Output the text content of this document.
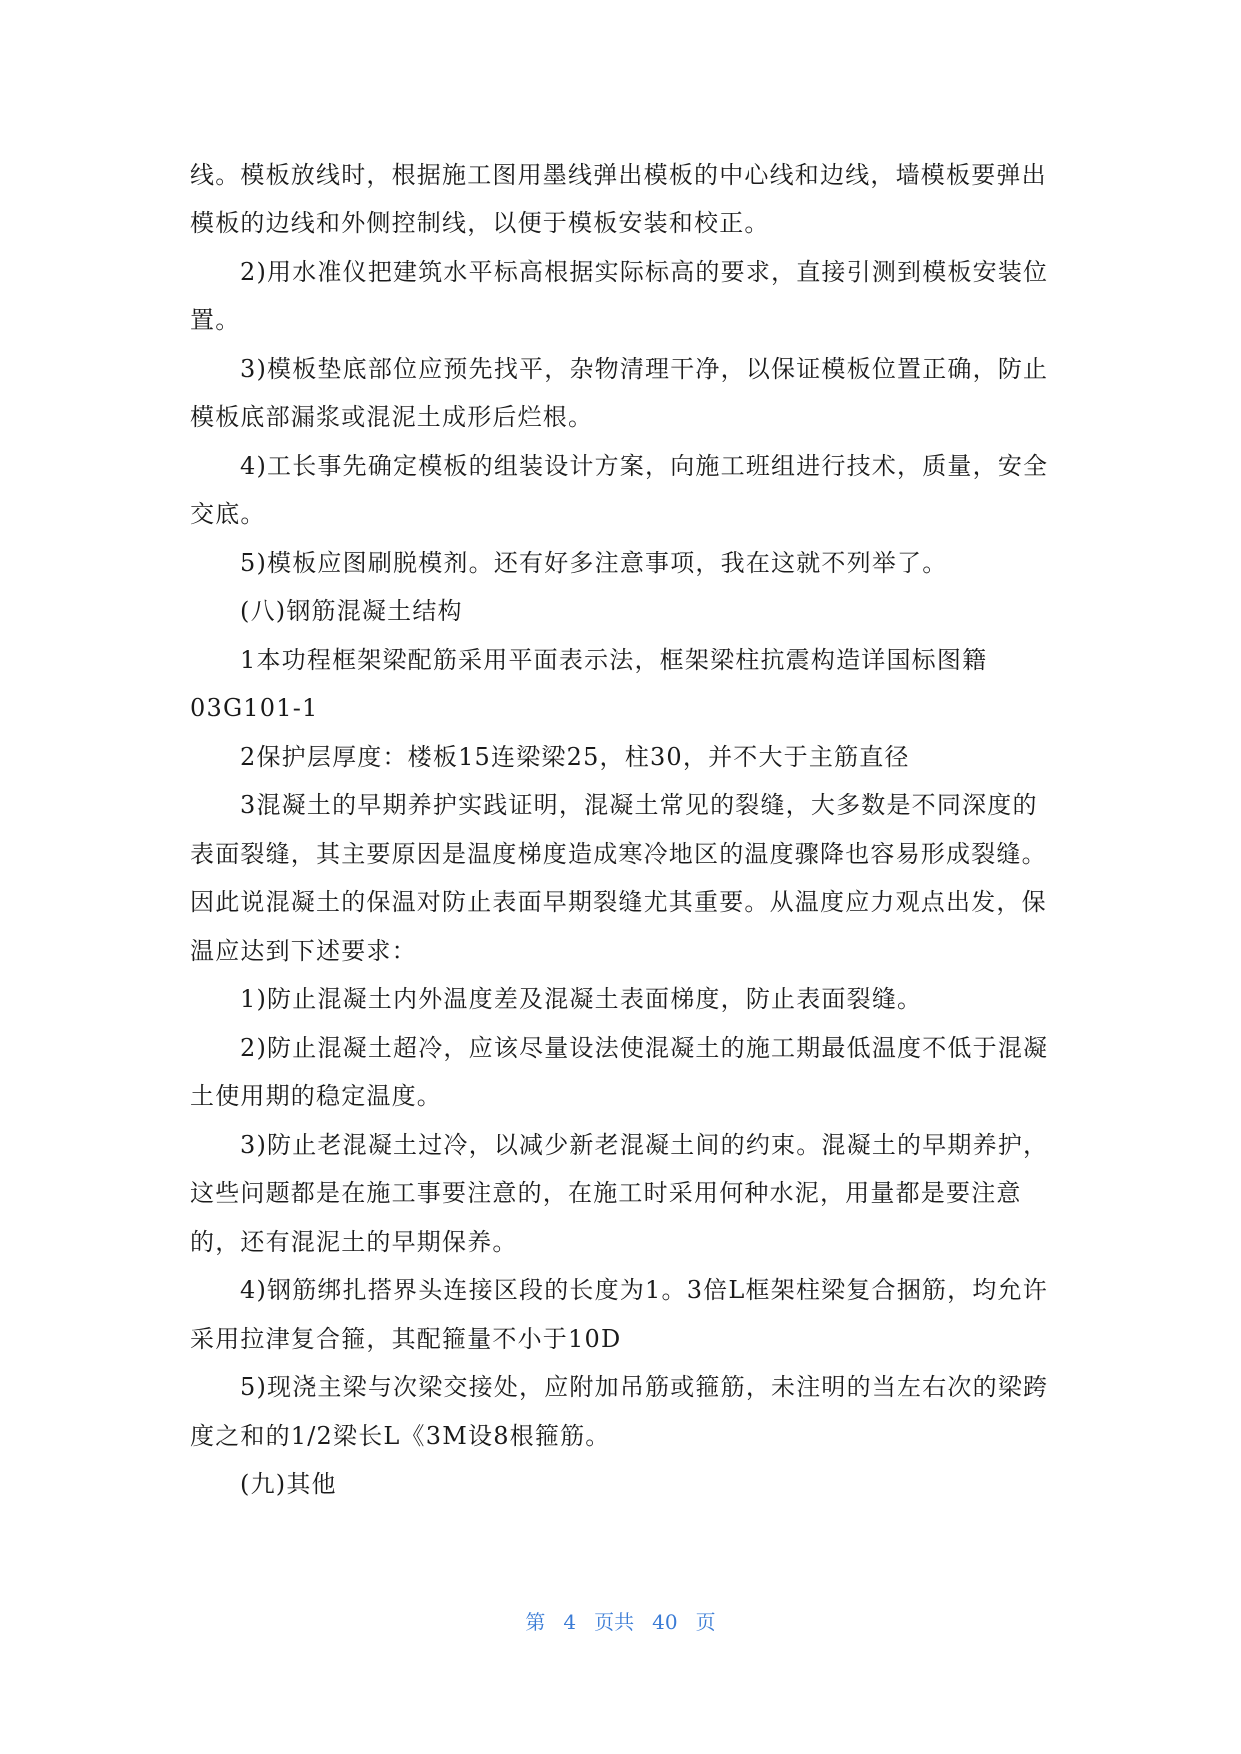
线。模板放线时，根据施工图用墨线弹出模板的中心线和边线，墙模板要弹出
模板的边线和外侧控制线，以便于模板安装和校正。
2)用水准仪把建筑水平标高根据实际标高的要求，直接引测到模板安装位
置。
3)模板垫底部位应预先找平，杂物清理干净，以保证模板位置正确，防止
模板底部漏浆或混泥土成形后烂根。
4)工长事先确定模板的组装设计方案，向施工班组进行技术，质量，安全
交底。
5)模板应图刷脱模剂。还有好多注意事项，我在这就不列举了。
(八)钢筋混凝土结构
1本功程框架梁配筋采用平面表示法，框架梁柱抗震构造详国标图籍
03G101-1
2保护层厚度：楼板15连梁梁25，柱30，并不大于主筋直径
3混凝土的早期养护实践证明，混凝土常见的裂缝，大多数是不同深度的
表面裂缝，其主要原因是温度梯度造成寒冷地区的温度骤降也容易形成裂缝。
因此说混凝土的保温对防止表面早期裂缝尤其重要。从温度应力观点出发，保
温应达到下述要求：
1)防止混凝土内外温度差及混凝土表面梯度，防止表面裂缝。
2)防止混凝土超冷，应该尽量设法使混凝土的施工期最低温度不低于混凝
土使用期的稳定温度。
3)防止老混凝土过冷，以减少新老混凝土间的约束。混凝土的早期养护，
这些问题都是在施工事要注意的，在施工时采用何种水泥，用量都是要注意
的，还有混泥土的早期保养。
4)钢筋绑扎搭界头连接区段的长度为1。3倍L框架柱梁复合捆筋，均允许
采用拉津复合箍，其配箍量不小于10D
5)现浇主梁与次梁交接处，应附加吊筋或箍筋，未注明的当左右次的梁跨
度之和的1/2梁长L《3M设8根箍筋。
(九)其他
第 4 页共 40 页
